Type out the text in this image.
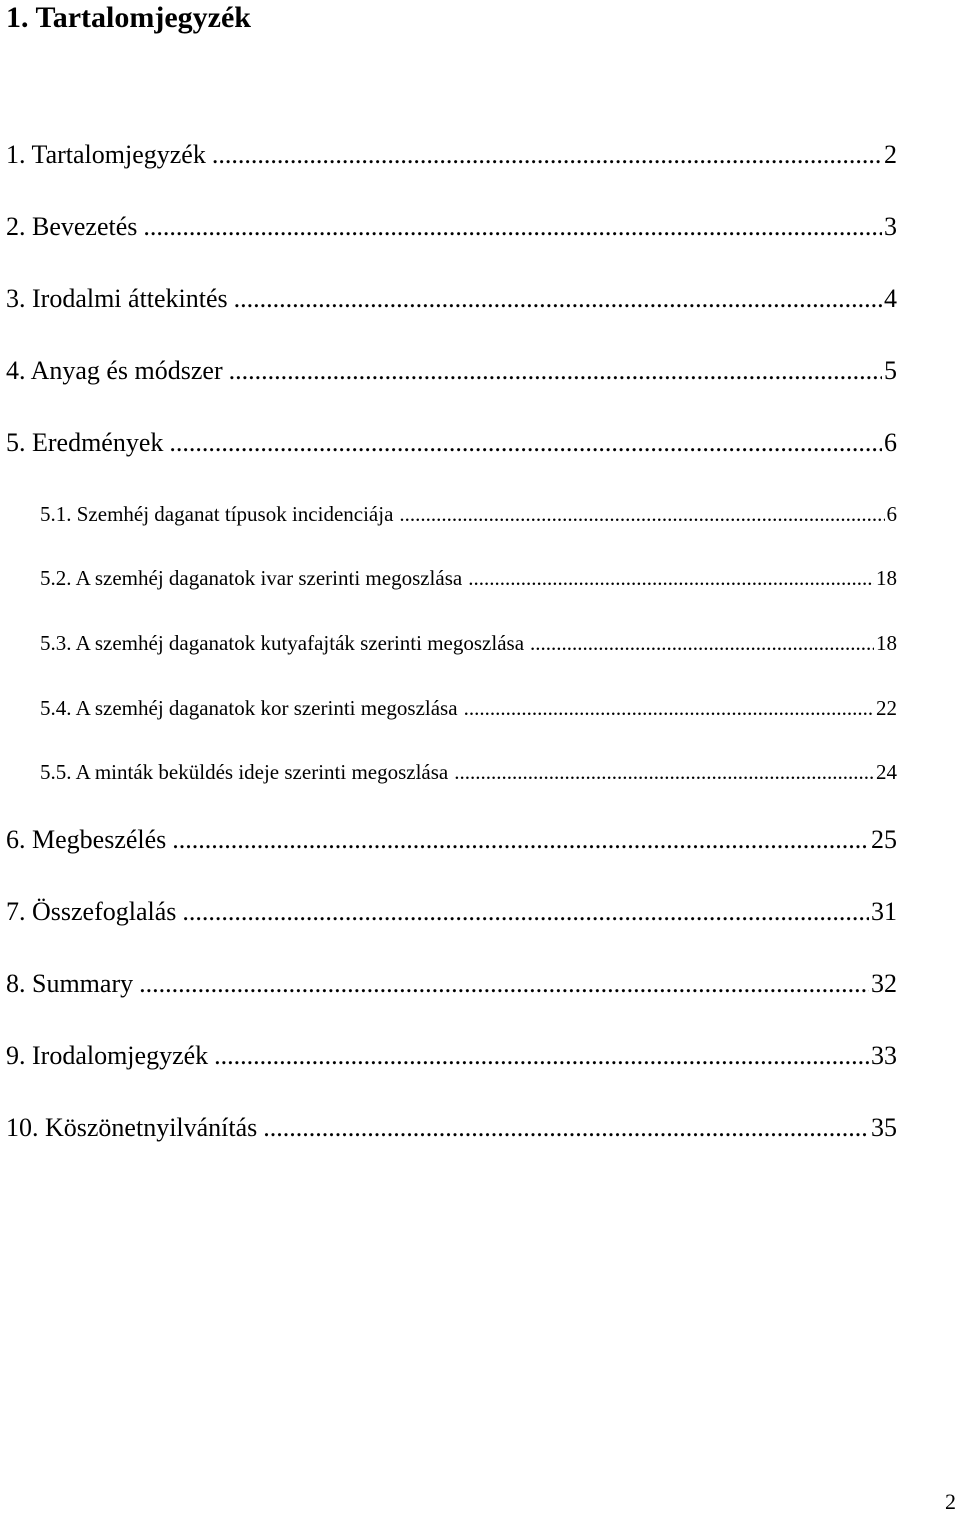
1. Tartalomjegyzék
1. Tartalomjegyzék .....	2
2. Bevezetés .....	3
3. Irodalmi áttekintés .....	4
4. Anyag és módszer .....	5
5. Eredmények .....	6
5.1. Szemhéj daganat típusok incidenciája .....	6
5.2. A szemhéj daganatok ivar szerinti megoszlása .....	18
5.3. A szemhéj daganatok kutyafajták szerinti megoszlása .....	18
5.4. A szemhéj daganatok kor szerinti megoszlása .....	22
5.5. A minták beküldés ideje szerinti megoszlása .....	24
6. Megbeszélés .....	25
7. Összefoglalás .....	31
8. Summary .....	32
9. Irodalomjegyzék .....	33
10. Köszönetnyilvánítás .....	35
2
